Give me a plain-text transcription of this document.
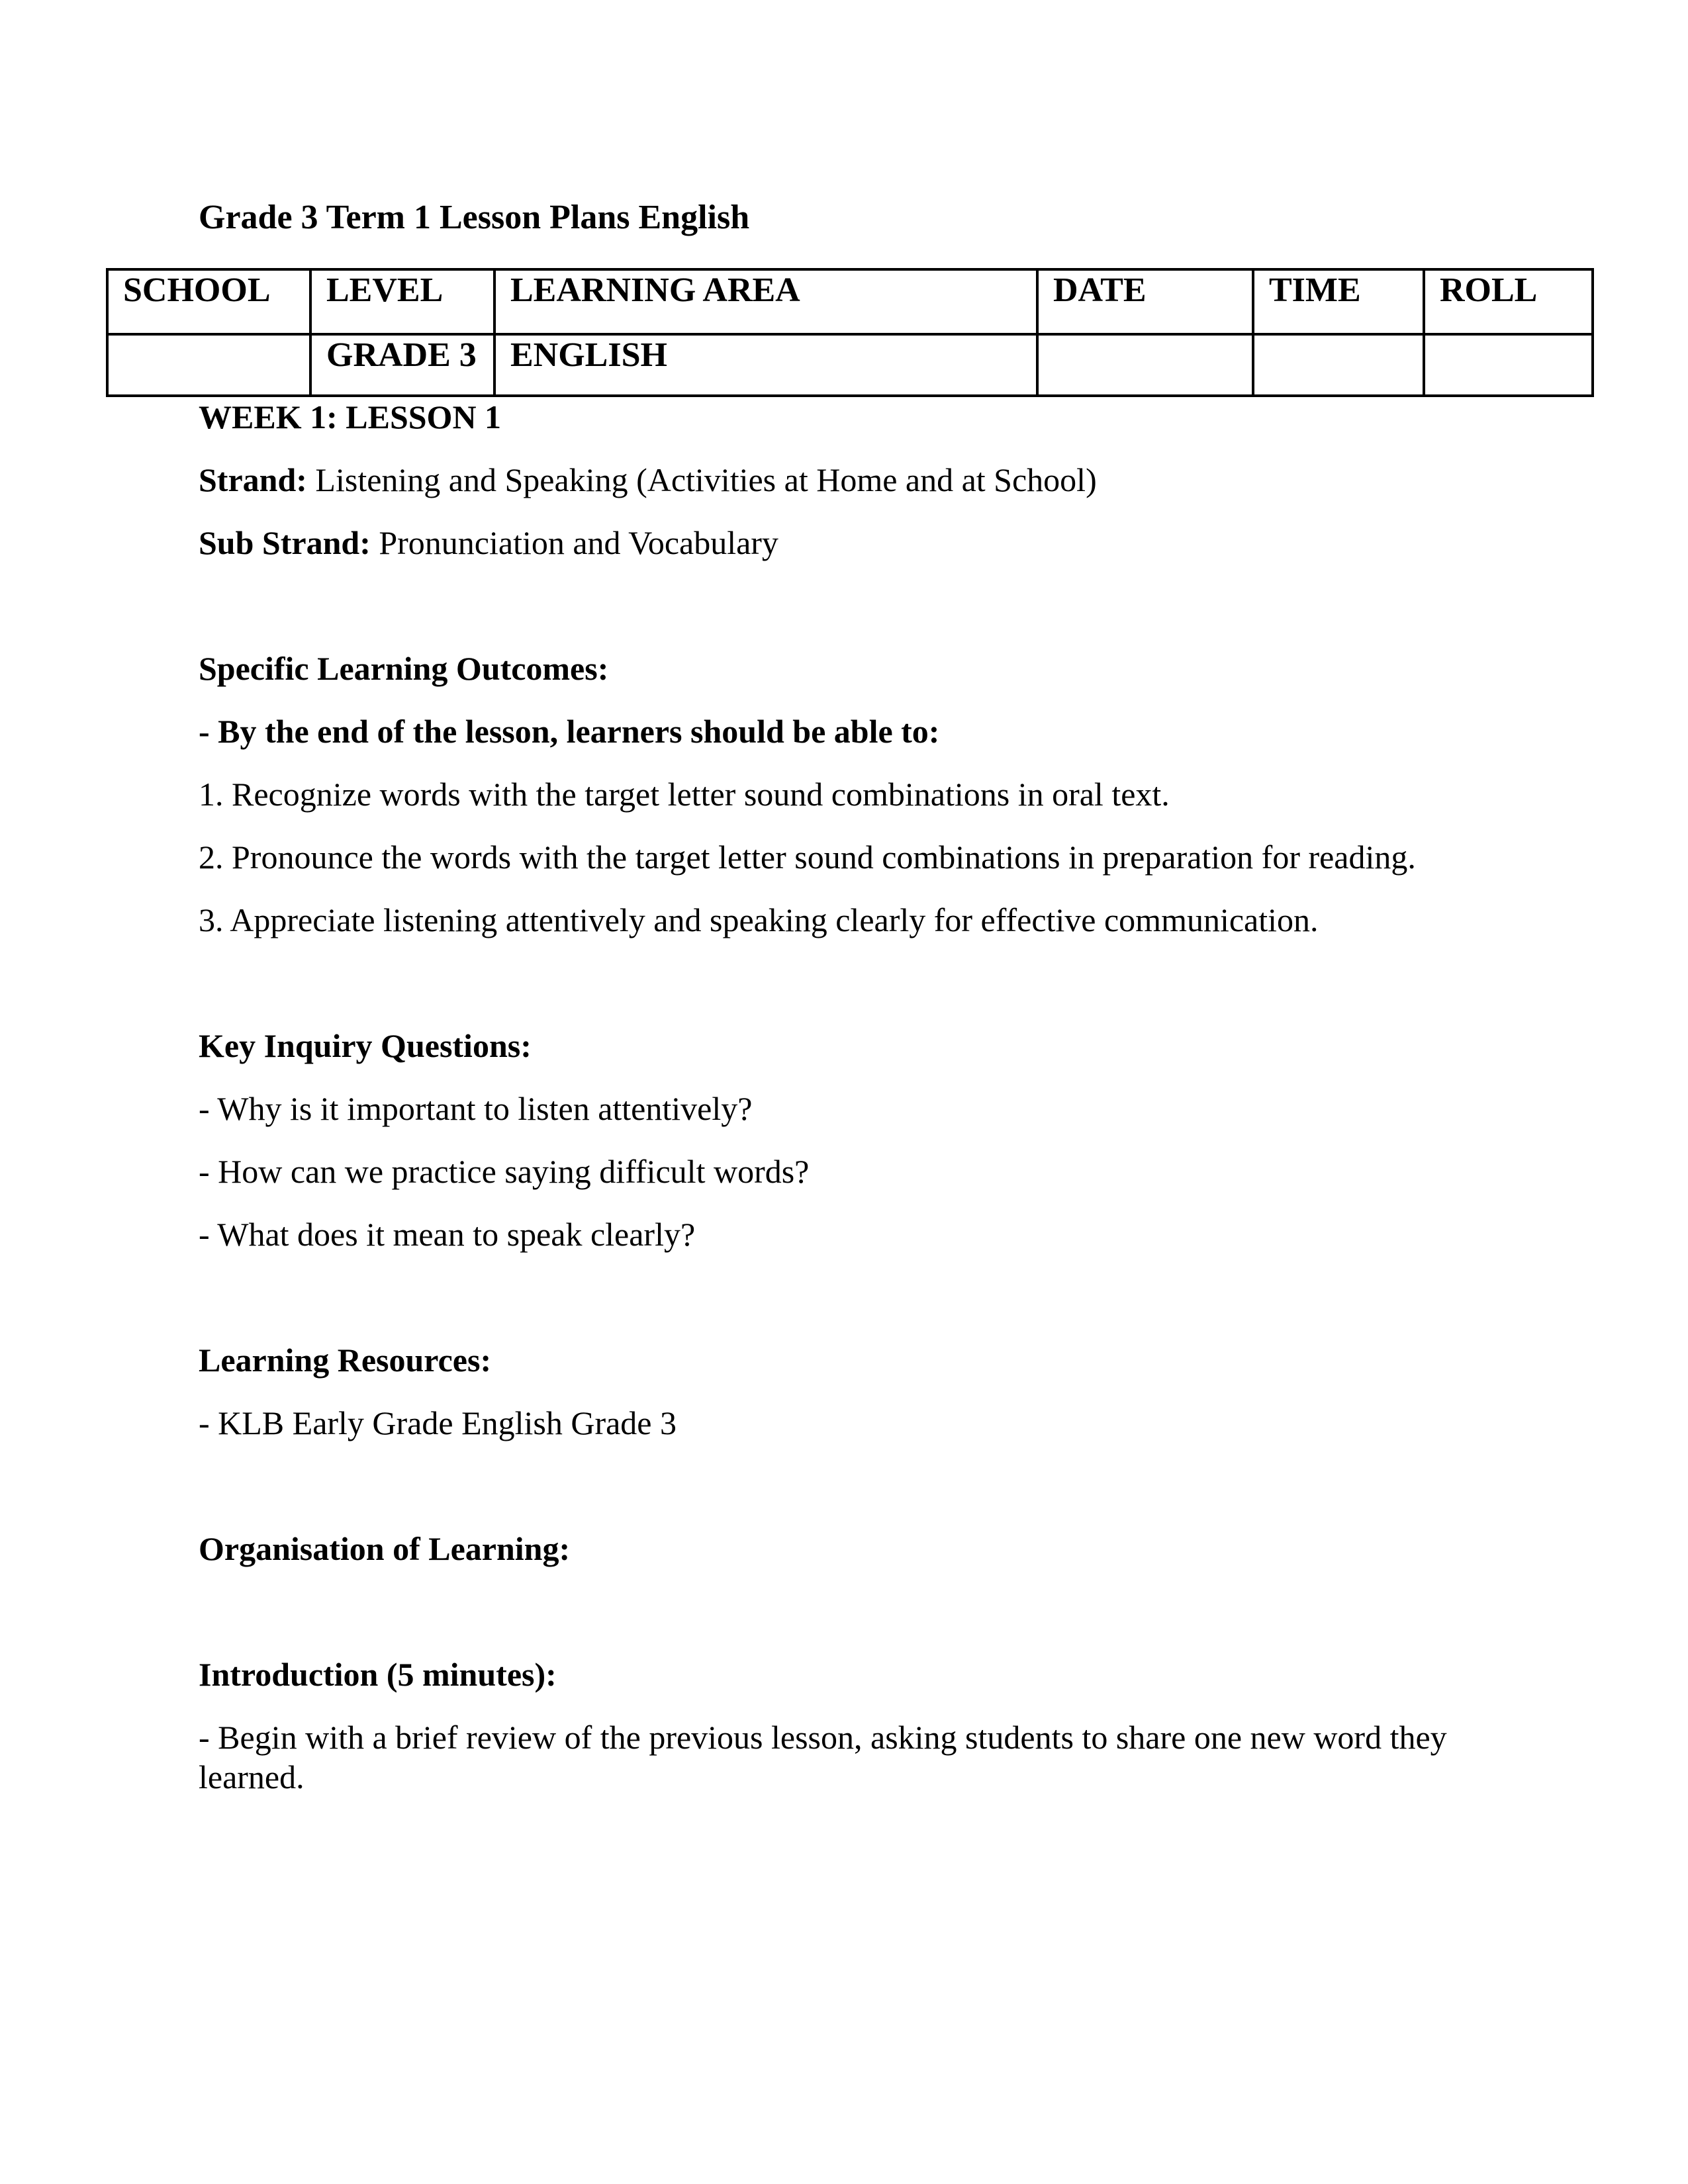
Grade 3 Term 1 Lesson Plans English
SCHOOL	LEVEL	LEARNING AREA	DATE	TIME	ROLL
	GRADE 3	ENGLISH			

WEEK 1: LESSON 1

Strand: Listening and Speaking (Activities at Home and at School)

Sub Strand: Pronunciation and Vocabulary

Specific Learning Outcomes:

- By the end of the lesson, learners should be able to:

1. Recognize words with the target letter sound combinations in oral text.

2. Pronounce the words with the target letter sound combinations in preparation for reading.

3. Appreciate listening attentively and speaking clearly for effective communication.

Key Inquiry Questions:

- Why is it important to listen attentively?

- How can we practice saying difficult words?

- What does it mean to speak clearly?

Learning Resources:

- KLB Early Grade English Grade 3

Organisation of Learning:

Introduction (5 minutes):

- Begin with a brief review of the previous lesson, asking students to share one new word they learned.
